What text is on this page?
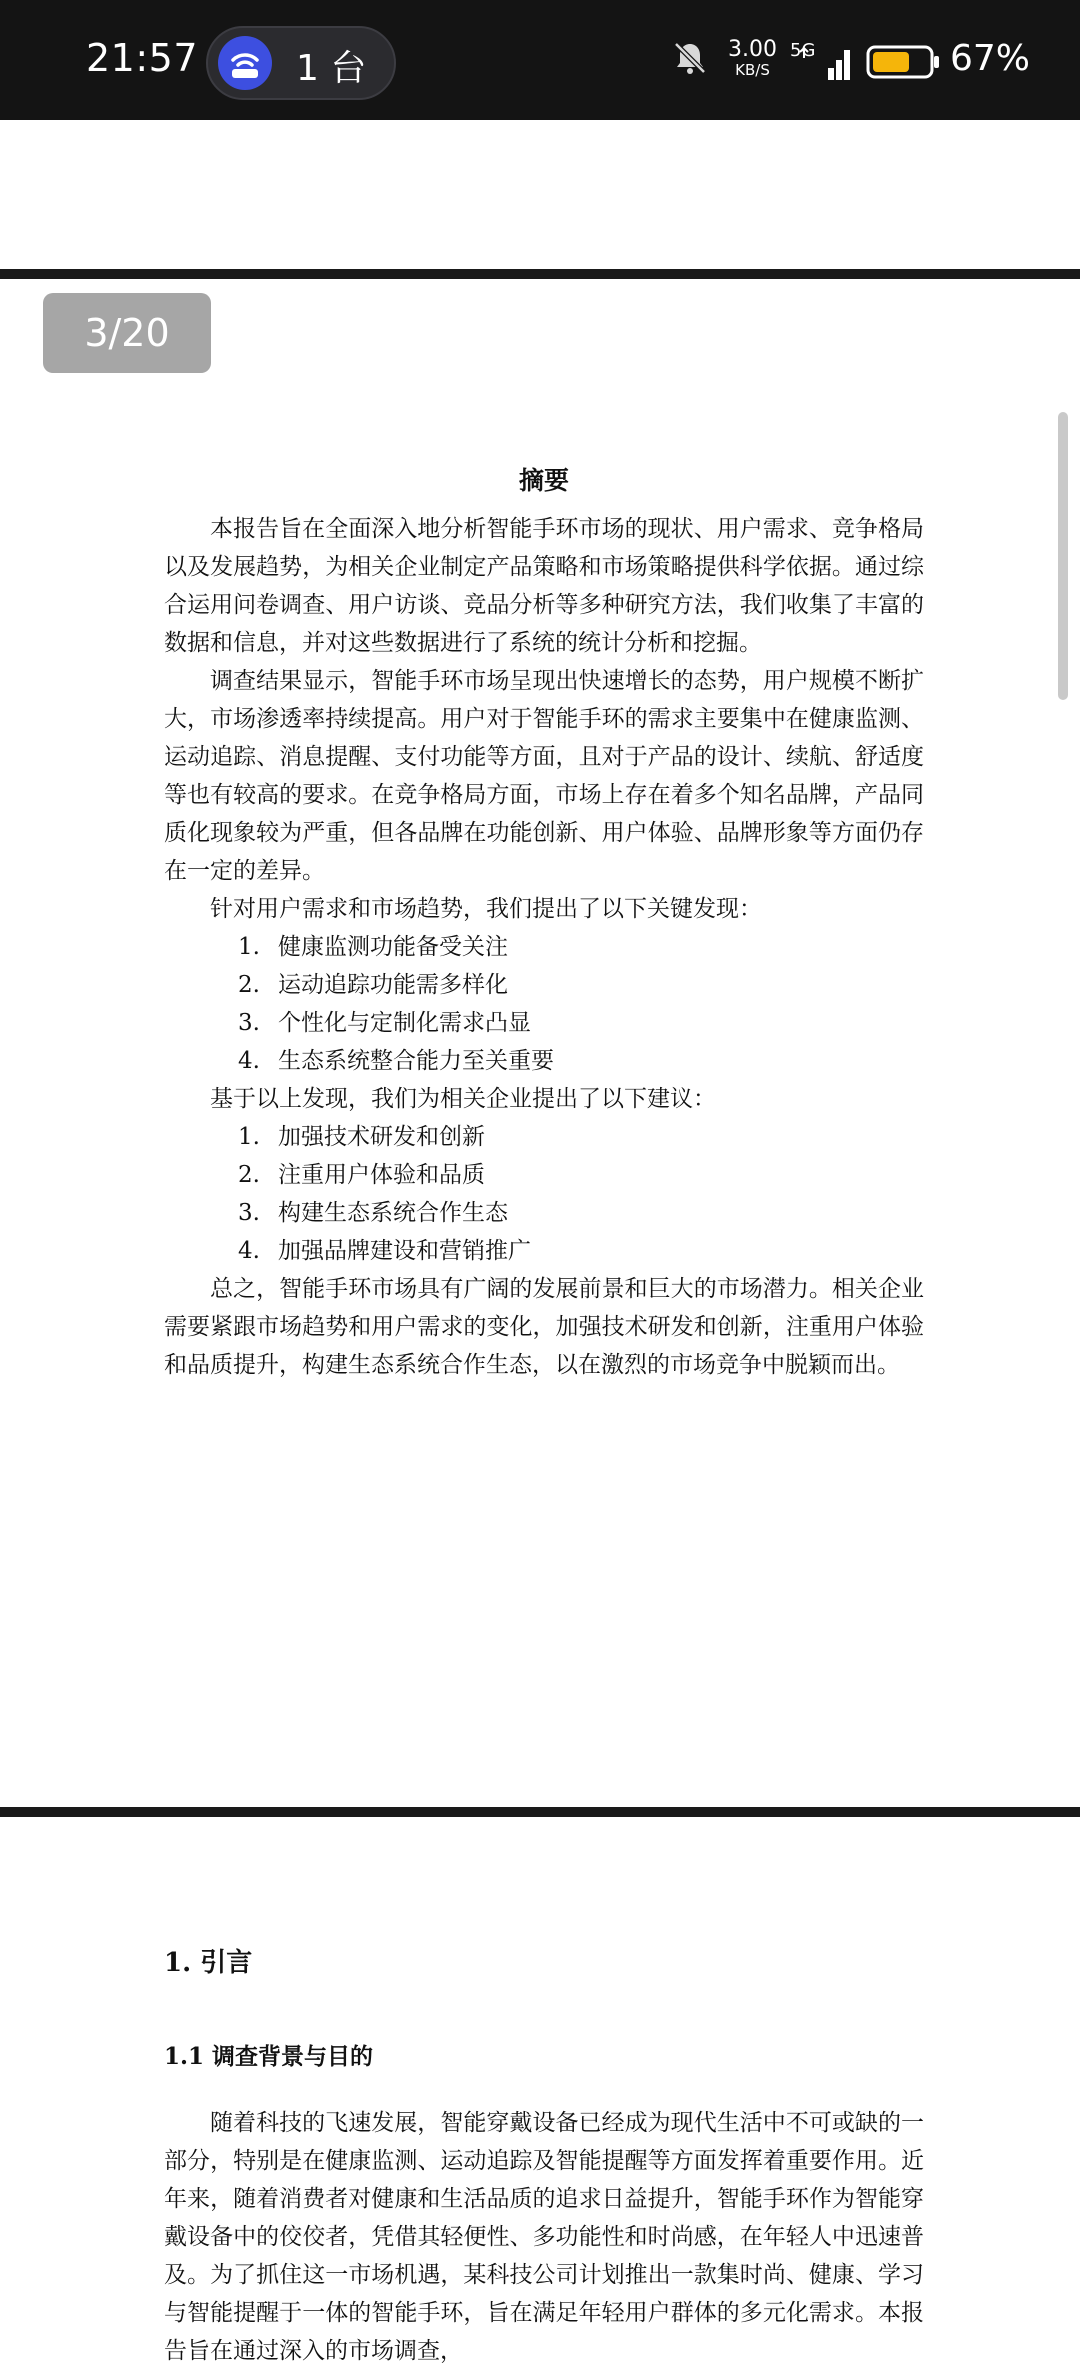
21:57	1 台	3.00
KB/S
5G	67%
3/20

摘要

本报告旨在全面深入地分析智能手环市场的现状、用户需求、竞争格局以及发展趋势，为相关企业制定产品策略和市场策略提供科学依据。通过综合运用问卷调查、用户访谈、竞品分析等多种研究方法，我们收集了丰富的数据和信息，并对这些数据进行了系统的统计分析和挖掘。

调查结果显示，智能手环市场呈现出快速增长的态势，用户规模不断扩大，市场渗透率持续提高。用户对于智能手环的需求主要集中在健康监测、运动追踪、消息提醒、支付功能等方面，且对于产品的设计、续航、舒适度等也有较高的要求。在竞争格局方面，市场上存在着多个知名品牌，产品同质化现象较为严重，但各品牌在功能创新、用户体验、品牌形象等方面仍存在一定的差异。

针对用户需求和市场趋势，我们提出了以下关键发现：

1. 健康监测功能备受关注
2. 运动追踪功能需多样化
3. 个性化与定制化需求凸显
4. 生态系统整合能力至关重要

基于以上发现，我们为相关企业提出了以下建议：

1. 加强技术研发和创新
2. 注重用户体验和品质
3. 构建生态系统合作生态
4. 加强品牌建设和营销推广

总之，智能手环市场具有广阔的发展前景和巨大的市场潜力。相关企业需要紧跟市场趋势和用户需求的变化，加强技术研发和创新，注重用户体验和品质提升，构建生态系统合作生态，以在激烈的市场竞争中脱颖而出。

1. 引言
1.1 调查背景与目的

随着科技的飞速发展，智能穿戴设备已经成为现代生活中不可或缺的一部分，特别是在健康监测、运动追踪及智能提醒等方面发挥着重要作用。近年来，随着消费者对健康和生活品质的追求日益提升，智能手环作为智能穿戴设备中的佼佼者，凭借其轻便性、多功能性和时尚感，在年轻人中迅速普及。为了抓住这一市场机遇，某科技公司计划推出一款集时尚、健康、学习与智能提醒于一体的智能手环，旨在满足年轻用户群体的多元化需求。本报告旨在通过深入的市场调查，
